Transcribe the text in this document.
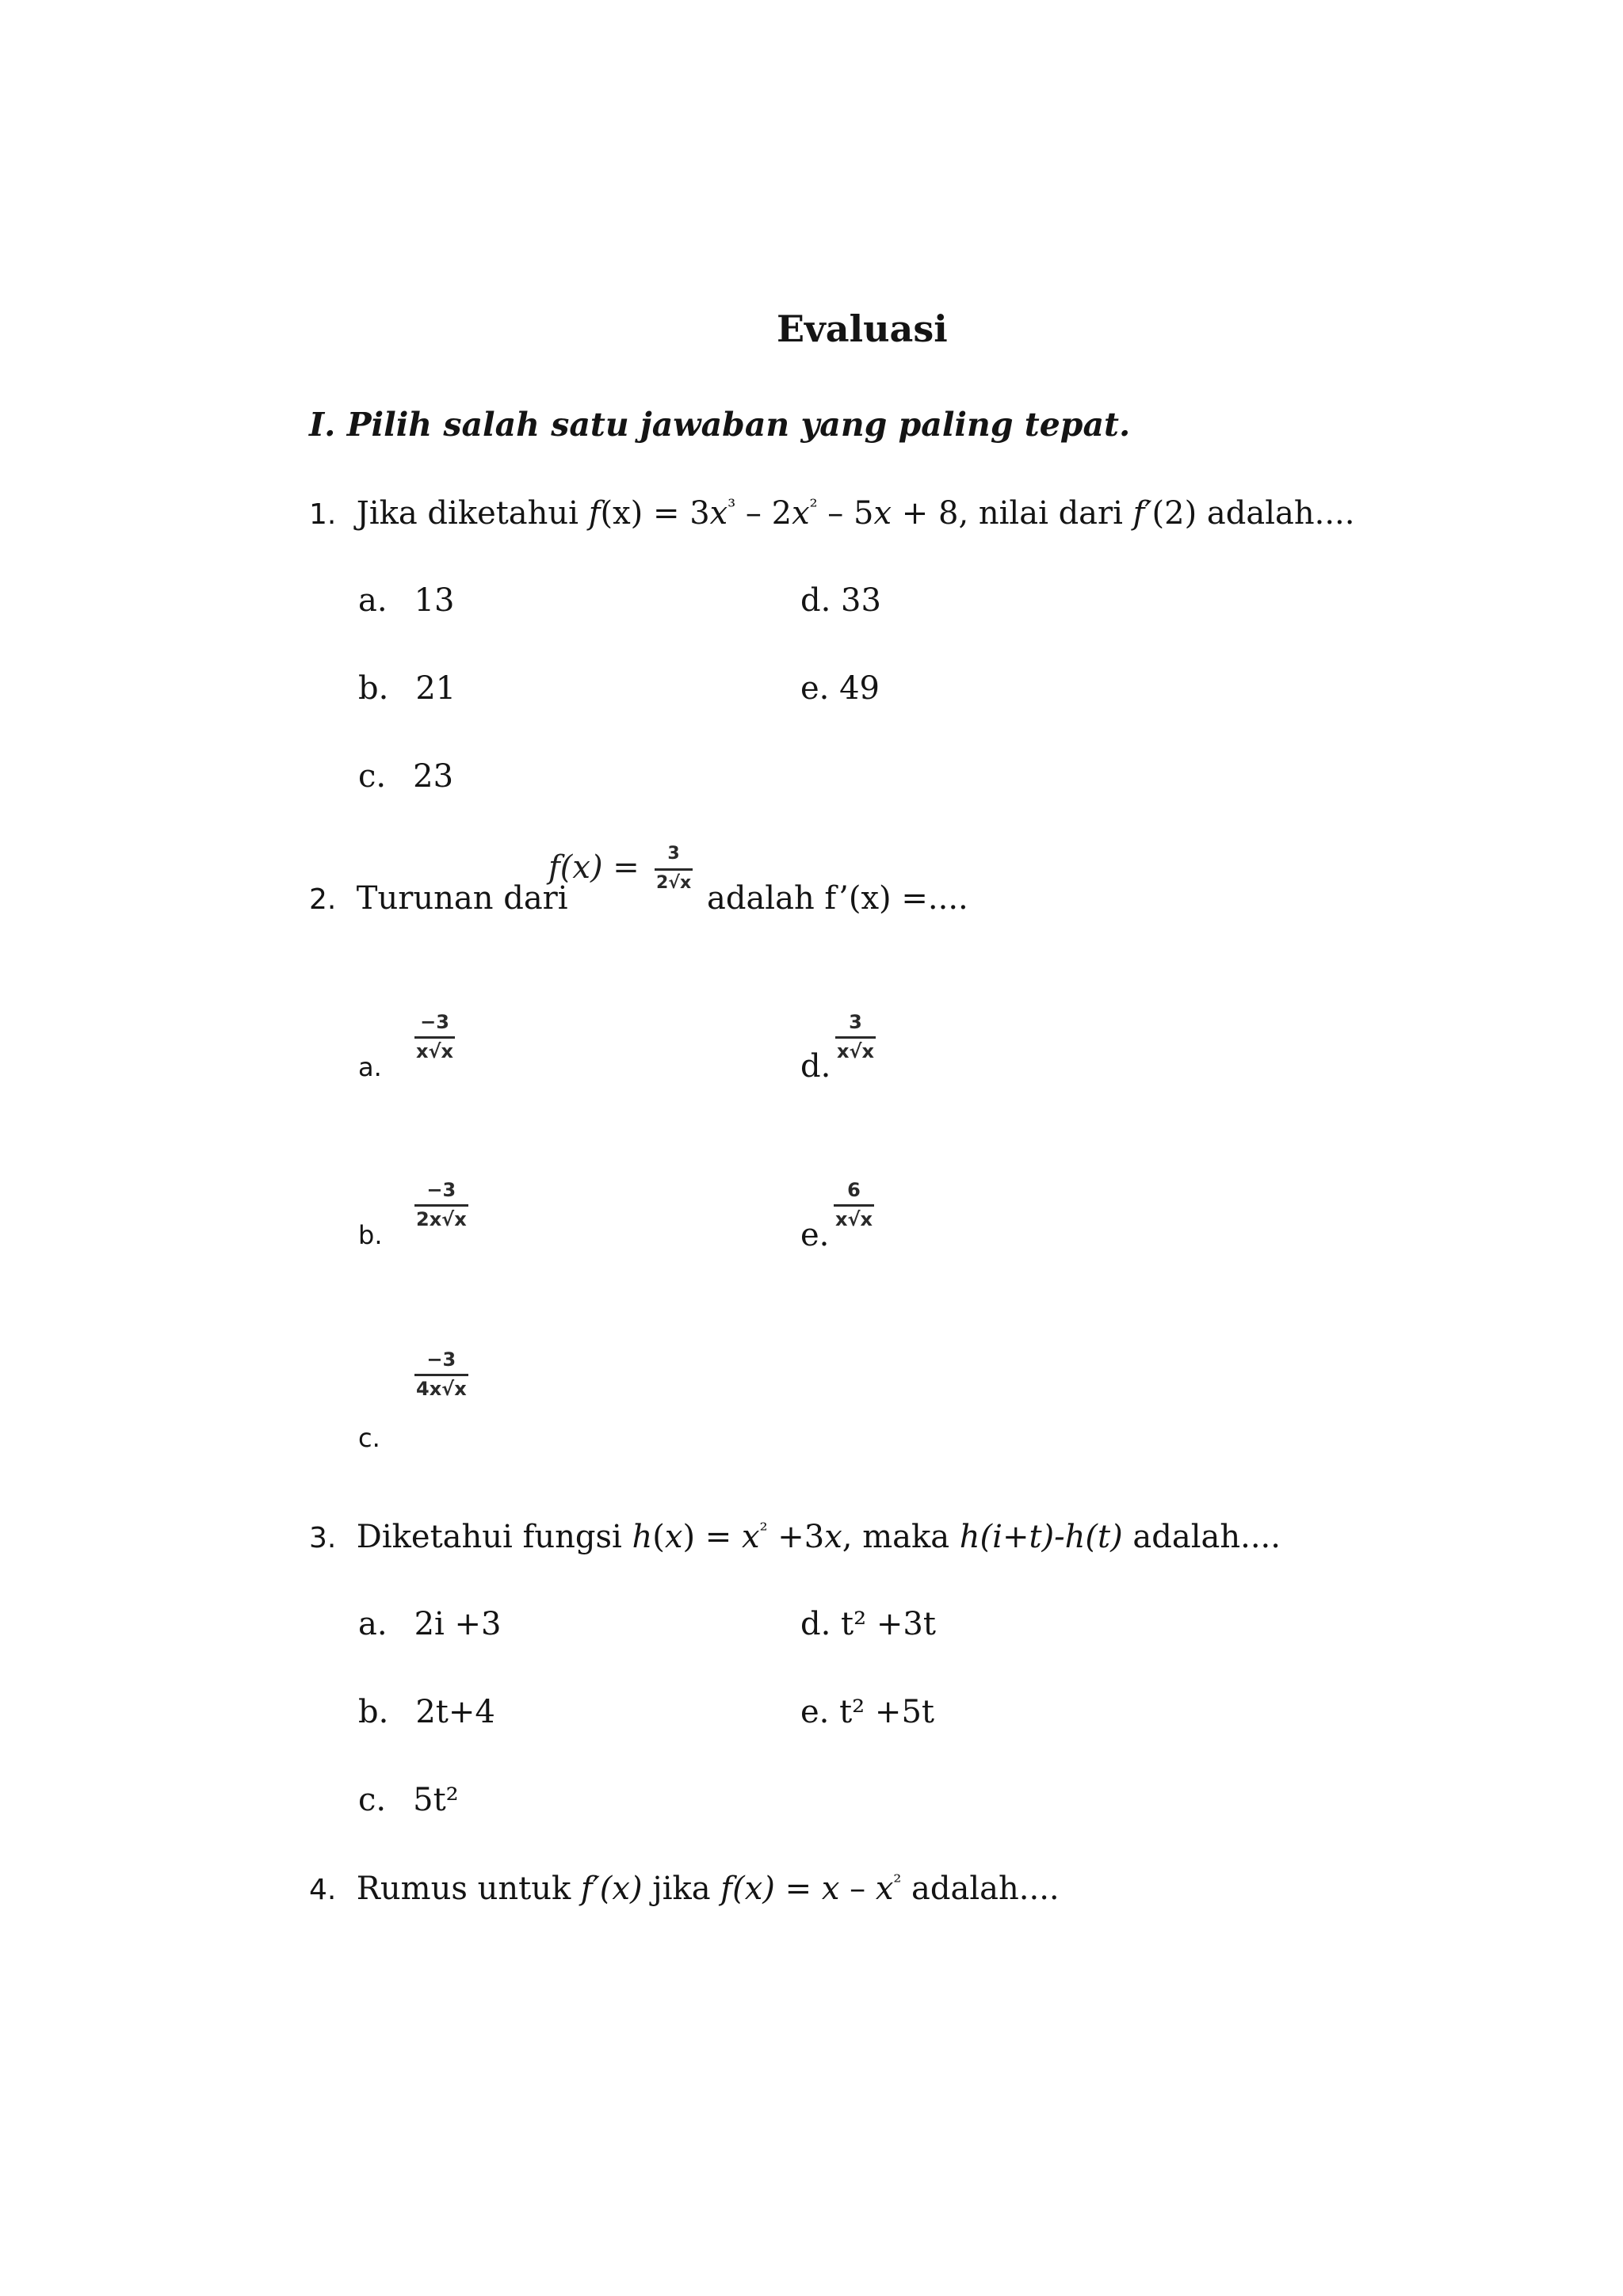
Evaluasi
I. Pilih salah satu jawaban yang paling tepat.
1. Jika diketahui $f(x) = 3x^{^3} - 2x^{^2} - 5x + 8$, nilai dari f′(2) adalah....
a. 13
b. 21
c. 23
d. 33
e. 49
2. Turunan dari
f(x) = 3
2√x adalah f’(x) =....
a.
−3
x√x
b.
−3
2x√x
c.
−3
4x√x
d.
3
x√x
e.
6
x√x
3. Diketahui fungsi $h(x) = x^{^2} +3x$, maka h(i+t)-h(t) adalah....
a. 2i +3
b. 2t+4
c. 5t²
d. t² +3t
e. t² +5t
4. Rumus untuk f′(x) jika $f(x) = x - x^{^2}$ adalah....
